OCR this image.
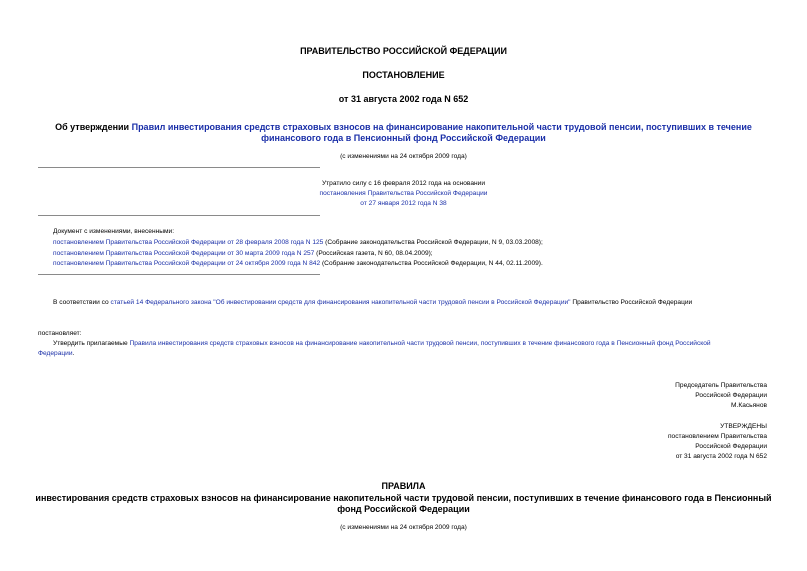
ПРАВИТЕЛЬСТВО РОССИЙСКОЙ ФЕДЕРАЦИИ
ПОСТАНОВЛЕНИЕ
от 31 августа 2002 года N 652
Об утверждении Правил инвестирования средств страховых взносов на финансирование накопительной части трудовой пенсии, поступивших в течение
финансового года в Пенсионный фонд Российской Федерации
(с изменениями на 24 октября 2009 года)
Утратило силу с 16 февраля 2012 года на основании
постановления Правительства Российской Федерации
от 27 января 2012 года N 38
Документ с изменениями, внесенными:
постановлением Правительства Российской Федерации от 28 февраля 2008 года N 125 (Собрание законодательства Российской Федерации, N 9, 03.03.2008);
постановлением Правительства Российской Федерации от 30 марта 2009 года N 257 (Российская газета, N 60, 08.04.2009);
постановлением Правительства Российской Федерации от 24 октября 2009 года N 842 (Собрание законодательства Российской Федерации, N 44, 02.11.2009).
В соответствии со статьей 14 Федерального закона "Об инвестировании средств для финансирования накопительной части трудовой пенсии в Российской Федерации" Правительство Российской Федерации
постановляет:
Утвердить прилагаемые Правила инвестирования средств страховых взносов на финансирование накопительной части трудовой пенсии, поступивших в течение финансового года в Пенсионный фонд Российской
Федерации.
Председатель Правительства
Российской Федерации
М.Касьянов
УТВЕРЖДЕНЫ
постановлением Правительства
Российской Федерации
от 31 августа 2002 года N 652
ПРАВИЛА
инвестирования средств страховых взносов на финансирование накопительной части трудовой пенсии, поступивших в течение финансового года в Пенсионный
фонд Российской Федерации
(с изменениями на 24 октября 2009 года)
